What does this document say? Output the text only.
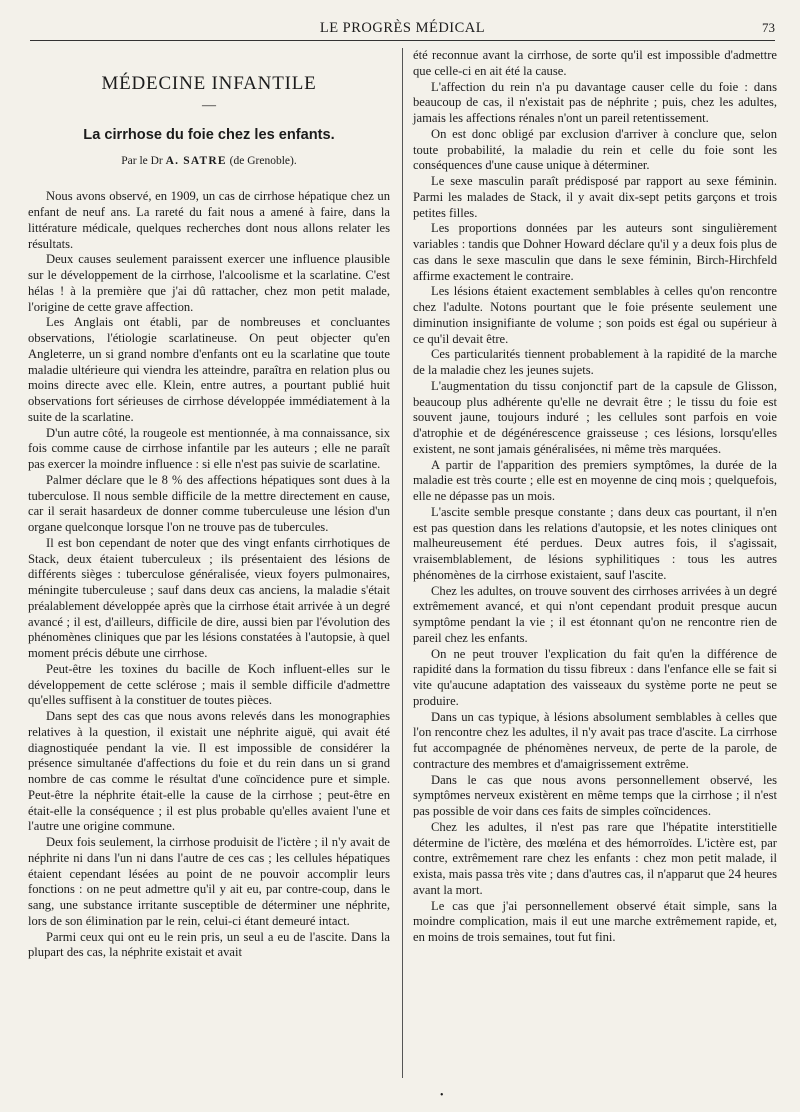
LE PROGRÈS MÉDICAL	73
MÉDECINE INFANTILE
—
La cirrhose du foie chez les enfants.
Par le Dr A. SATRE (de Grenoble).

Nous avons observé, en 1909, un cas de cirrhose hépatique chez un enfant de neuf ans. La rareté du fait nous a amené à faire, dans la littérature médicale, quelques recherches dont nous allons relater les résultats.

Deux causes seulement paraissent exercer une influence plausible sur le développement de la cirrhose, l'alcoolisme et la scarlatine. C'est hélas ! à la première que j'ai dû rattacher, chez mon petit malade, l'origine de cette grave affection.

Les Anglais ont établi, par de nombreuses et concluantes observations, l'étiologie scarlatineuse. On peut objecter qu'en Angleterre, un si grand nombre d'enfants ont eu la scarlatine que toute maladie ultérieure qui viendra les atteindre, paraîtra en relation plus ou moins directe avec elle. Klein, entre autres, a pourtant publié huit observations fort sérieuses de cirrhose développée immédiatement à la suite de la scarlatine.

D'un autre côté, la rougeole est mentionnée, à ma connaissance, six fois comme cause de cirrhose infantile par les auteurs ; elle ne paraît pas exercer la moindre influence : si elle n'est pas suivie de scarlatine.

Palmer déclare que le 8 % des affections hépatiques sont dues à la tuberculose. Il nous semble difficile de la mettre directement en cause, car il serait hasardeux de donner comme tuberculeuse une lésion d'un organe quelconque lorsque l'on ne trouve pas de tubercules.

Il est bon cependant de noter que des vingt enfants cirrhotiques de Stack, deux étaient tuberculeux ; ils présentaient des lésions de différents sièges : tuberculose généralisée, vieux foyers pulmonaires, méningite tuberculeuse ; sauf dans deux cas anciens, la maladie s'était préalablement développée après que la cirrhose était arrivée à un degré avancé ; il est, d'ailleurs, difficile de dire, aussi bien par l'évolution des phénomènes cliniques que par les lésions constatées à l'autopsie, à quel moment précis débute une cirrhose.

Peut-être les toxines du bacille de Koch influent-elles sur le développement de cette sclérose ; mais il semble difficile d'admettre qu'elles suffisent à la constituer de toutes pièces.

Dans sept des cas que nous avons relevés dans les monographies relatives à la question, il existait une néphrite aiguë, qui avait été diagnostiquée pendant la vie. Il est impossible de considérer la présence simultanée d'affections du foie et du rein dans un si grand nombre de cas comme le résultat d'une coïncidence pure et simple. Peut-être la néphrite était-elle la cause de la cirrhose ; peut-être en était-elle la conséquence ; il est plus probable qu'elles avaient l'une et l'autre une origine commune.

Deux fois seulement, la cirrhose produisit de l'ictère ; il n'y avait de néphrite ni dans l'un ni dans l'autre de ces cas ; les cellules hépatiques étaient cependant lésées au point de ne pouvoir accomplir leurs fonctions : on ne peut admettre qu'il y ait eu, par contre-coup, dans le sang, une substance irritante susceptible de déterminer une néphrite, lors de son élimination par le rein, celui-ci étant demeuré intact.

Parmi ceux qui ont eu le rein pris, un seul a eu de l'ascite. Dans la plupart des cas, la néphrite existait et avait

été reconnue avant la cirrhose, de sorte qu'il est impossible d'admettre que celle-ci en ait été la cause.

L'affection du rein n'a pu davantage causer celle du foie : dans beaucoup de cas, il n'existait pas de néphrite ; puis, chez les adultes, jamais les affections rénales n'ont un pareil retentissement.

On est donc obligé par exclusion d'arriver à conclure que, selon toute probabilité, la maladie du rein et celle du foie sont les conséquences d'une cause unique à déterminer.

Le sexe masculin paraît prédisposé par rapport au sexe féminin. Parmi les malades de Stack, il y avait dix-sept petits garçons et trois petites filles.

Les proportions données par les auteurs sont singulièrement variables : tandis que Dohner Howard déclare qu'il y a deux fois plus de cas dans le sexe masculin que dans le sexe féminin, Birch-Hirchfeld affirme exactement le contraire.

Les lésions étaient exactement semblables à celles qu'on rencontre chez l'adulte. Notons pourtant que le foie présente seulement une diminution insignifiante de volume ; son poids est égal ou supérieur à ce qu'il devait être.

Ces particularités tiennent probablement à la rapidité de la marche de la maladie chez les jeunes sujets.

L'augmentation du tissu conjonctif part de la capsule de Glisson, beaucoup plus adhérente qu'elle ne devrait être ; le tissu du foie est souvent jaune, toujours induré ; les cellules sont parfois en voie d'atrophie et de dégénérescence graisseuse ; ces lésions, lorsqu'elles existent, ne sont jamais généralisées, ni même très marquées.

A partir de l'apparition des premiers symptômes, la durée de la maladie est très courte ; elle est en moyenne de cinq mois ; quelquefois, elle ne dépasse pas un mois.

L'ascite semble presque constante ; dans deux cas pourtant, il n'en est pas question dans les relations d'autopsie, et les notes cliniques ont malheureusement été perdues. Deux autres fois, il s'agissait, vraisemblablement, de lésions syphilitiques : tous les autres phénomènes de la cirrhose existaient, sauf l'ascite.

Chez les adultes, on trouve souvent des cirrhoses arrivées à un degré extrêmement avancé, et qui n'ont cependant produit presque aucun symptôme pendant la vie ; il est étonnant qu'on ne rencontre rien de pareil chez les enfants.

On ne peut trouver l'explication du fait qu'en la différence de rapidité dans la formation du tissu fibreux : dans l'enfance elle se fait si vite qu'aucune adaptation des vaisseaux du système porte ne peut se produire.

Dans un cas typique, à lésions absolument semblables à celles que l'on rencontre chez les adultes, il n'y avait pas trace d'ascite. La cirrhose fut accompagnée de phénomènes nerveux, de perte de la parole, de contracture des membres et d'amaigrissement extrême.

Dans le cas que nous avons personnellement observé, les symptômes nerveux existèrent en même temps que la cirrhose ; il n'est pas possible de voir dans ces faits de simples coïncidences.

Chez les adultes, il n'est pas rare que l'hépatite interstitielle détermine de l'ictère, des mœléna et des hémorroïdes. L'ictère est, par contre, extrêmement rare chez les enfants : chez mon petit malade, il exista, mais passa très vite ; dans d'autres cas, il n'apparut que 24 heures avant la mort.

Le cas que j'ai personnellement observé était simple, sans la moindre complication, mais il eut une marche extrêmement rapide, et, en moins de trois semaines, tout fut fini.

•
